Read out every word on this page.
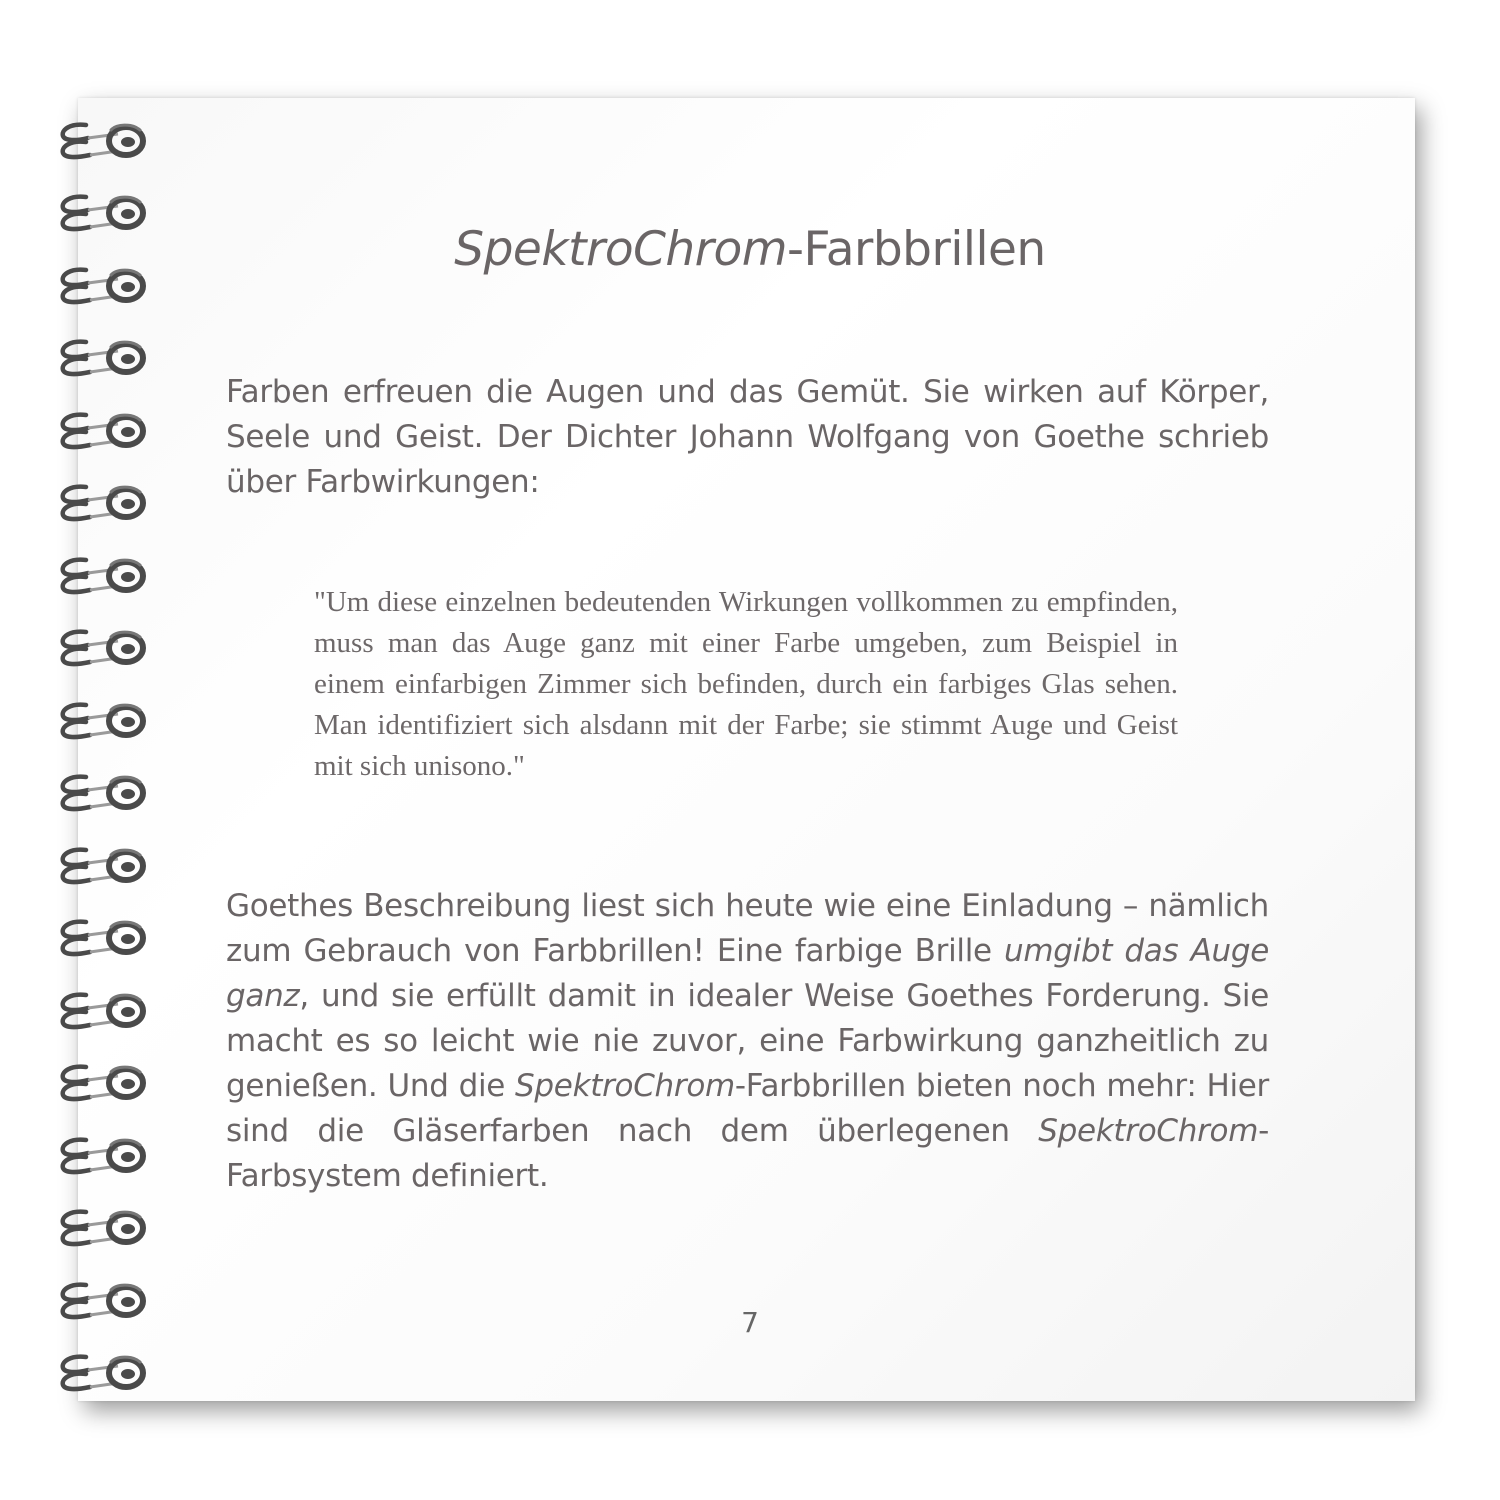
SpektroChrom-Farbbrillen
Farben erfreuen die Augen und das Gemüt. Sie wirken auf Körper, Seele und Geist. Der Dichter Johann Wolfgang von Goethe schrieb über Farbwirkungen:
"Um diese einzelnen bedeutenden Wirkungen vollkommen zu empfinden, muss man das Auge ganz mit einer Farbe umgeben, zum Beispiel in einem einfarbigen Zimmer sich befinden, durch ein farbiges Glas sehen. Man identifiziert sich alsdann mit der Farbe; sie stimmt Auge und Geist mit sich unisono."
Goethes Beschreibung liest sich heute wie eine Einladung – nämlich zum Gebrauch von Farbbrillen! Eine farbige Brille umgibt das Auge ganz, und sie erfüllt damit in idealer Weise Goethes Forderung. Sie macht es so leicht wie nie zuvor, eine Farbwirkung ganzheitlich zu genießen. Und die SpektroChrom-Farbbrillen bieten noch mehr: Hier sind die Gläserfarben nach dem überlegenen SpektroChrom-Farbsystem definiert.
7
